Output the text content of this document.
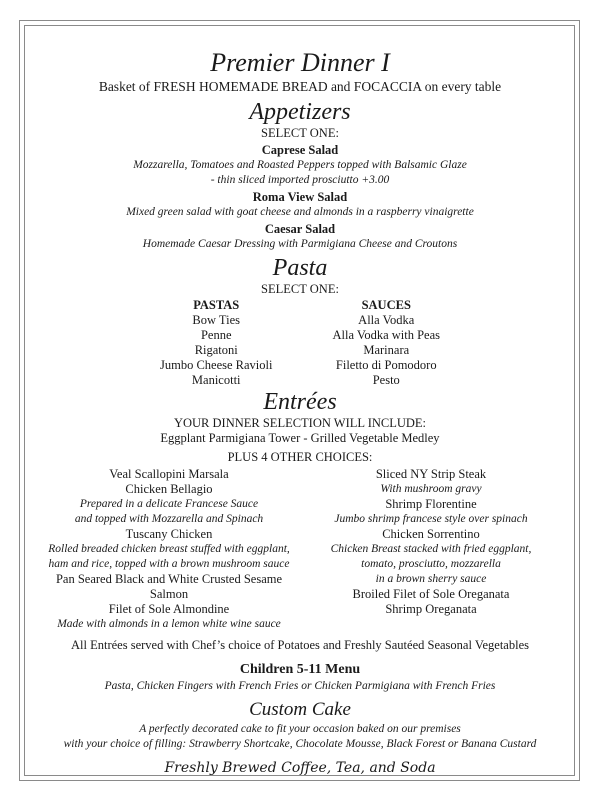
Premier Dinner I
Basket of FRESH HOMEMADE BREAD and FOCACCIA on every table
Appetizers
SELECT ONE:
Caprese Salad
Mozzarella, Tomatoes and Roasted Peppers topped with Balsamic Glaze
- thin sliced imported prosciutto +3.00
Roma View Salad
Mixed green salad with goat cheese and almonds in a raspberry vinaigrette
Caesar Salad
Homemade Caesar Dressing with Parmigiana Cheese and Croutons
Pasta
SELECT ONE:
PASTAS
Bow Ties
Penne
Rigatoni
Jumbo Cheese Ravioli
Manicotti
SAUCES
Alla Vodka
Alla Vodka with Peas
Marinara
Filetto di Pomodoro
Pesto
Entrées
YOUR DINNER SELECTION WILL INCLUDE:
Eggplant Parmigiana Tower - Grilled Vegetable Medley
PLUS 4 OTHER CHOICES:
Veal Scallopini Marsala
Chicken Bellagio
Prepared in a delicate Francese Sauce
and topped with Mozzarella and Spinach
Tuscany Chicken
Rolled breaded chicken breast stuffed with eggplant,
ham and rice, topped with a brown mushroom sauce
Pan Seared Black and White Crusted Sesame Salmon
Filet of Sole Almondine
Made with almonds in a lemon white wine sauce
Sliced NY Strip Steak
With mushroom gravy
Shrimp Florentine
Jumbo shrimp francese style over spinach
Chicken Sorrentino
Chicken Breast stacked with fried eggplant,
tomato, prosciutto, mozzarella
in a brown sherry sauce
Broiled Filet of Sole Oreganata
Shrimp Oreganata
All Entrées served with Chef’s choice of Potatoes and Freshly Sautéed Seasonal Vegetables
Children 5-11 Menu
Pasta, Chicken Fingers with French Fries or Chicken Parmigiana with French Fries
Custom Cake
A perfectly decorated cake to fit your occasion baked on our premises
with your choice of filling: Strawberry Shortcake, Chocolate Mousse, Black Forest or Banana Custard
Freshly Brewed Coffee, Tea, and Soda
